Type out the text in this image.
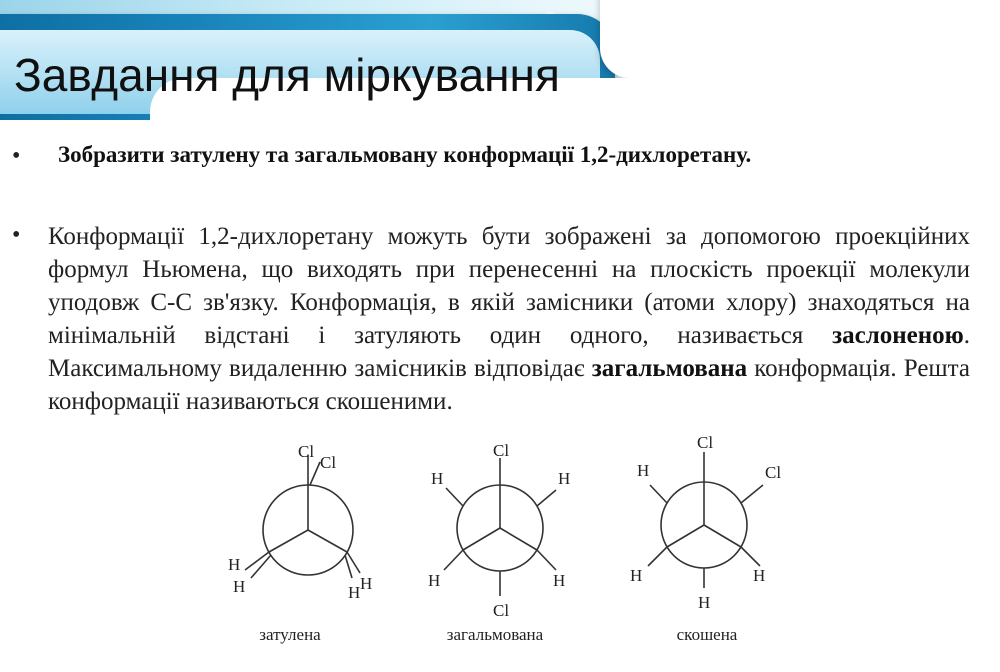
Завдання для міркування
• Зобразити затулену та загальмовану конформації 1,2-дихлоретану.
• Конформації 1,2-дихлоретану можуть бути зображені за допомогою проекційних формул Ньюмена, що виходять при перенесенні на плоскість проекції молекули уподовж С-С зв'язку. Конформація, в якій замісники (атоми хлору) знаходяться на мінімальній відстані і затуляють один одного, називається заслоненою. Максимальному видаленню замісників відповідає загальмована конформація. Решта конформації називаються скошеними.
Cl
Cl
H
H	H
H
затулена
Cl
H	H
H	H
Cl
загальмована
Cl
H	Cl
H	H
H
скошена
